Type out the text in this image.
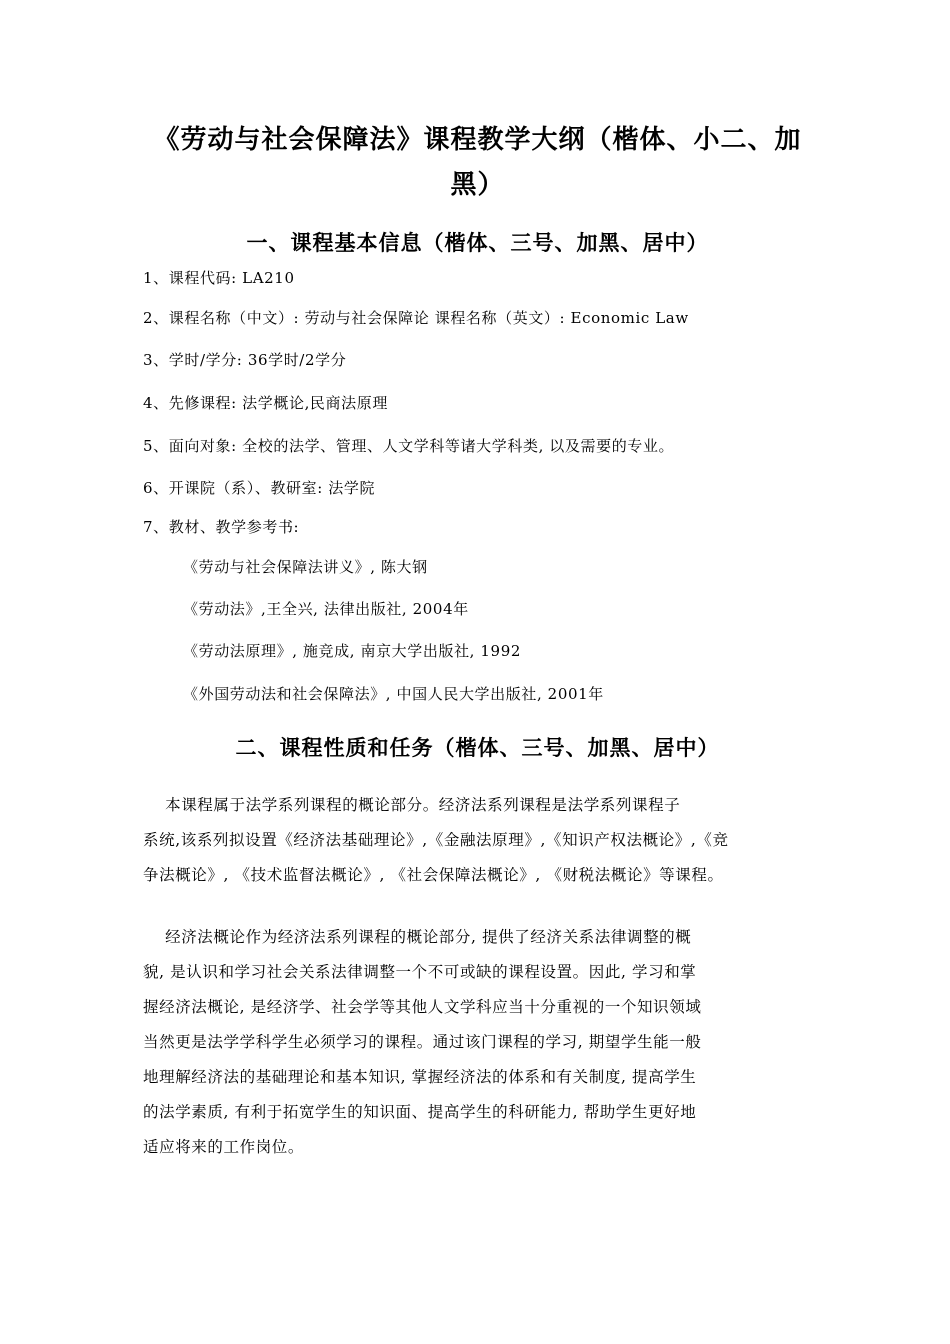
《劳动与社会保障法》课程教学大纲（楷体、小二、加
黑）
一、课程基本信息（楷体、三号、加黑、居中）
1、课程代码: LA210
2、课程名称（中文）: 劳动与社会保障论 课程名称（英文）: Economic Law
3、学时/学分: 36学时/2学分
4、先修课程: 法学概论,民商法原理
5、面向对象: 全校的法学、管理、人文学科等诸大学科类, 以及需要的专业。
6、开课院（系）、教研室: 法学院
7、教材、教学参考书:
《劳动与社会保障法讲义》, 陈大钢
《劳动法》,王全兴, 法律出版社, 2004年
《劳动法原理》, 施竞成, 南京大学出版社, 1992
《外国劳动法和社会保障法》, 中国人民大学出版社, 2001年
二、课程性质和任务（楷体、三号、加黑、居中）
本课程属于法学系列课程的概论部分。经济法系列课程是法学系列课程子
系统,该系列拟设置《经济法基础理论》,《金融法原理》,《知识产权法概论》,《竞
争法概论》, 《技术监督法概论》, 《社会保障法概论》, 《财税法概论》等课程。
经济法概论作为经济法系列课程的概论部分, 提供了经济关系法律调整的概
貌, 是认识和学习社会关系法律调整一个不可或缺的课程设置。因此, 学习和掌
握经济法概论, 是经济学、社会学等其他人文学科应当十分重视的一个知识领域
当然更是法学学科学生必须学习的课程。通过该门课程的学习, 期望学生能一般
地理解经济法的基础理论和基本知识, 掌握经济法的体系和有关制度, 提高学生
的法学素质, 有利于拓宽学生的知识面、提高学生的科研能力, 帮助学生更好地
适应将来的工作岗位。
